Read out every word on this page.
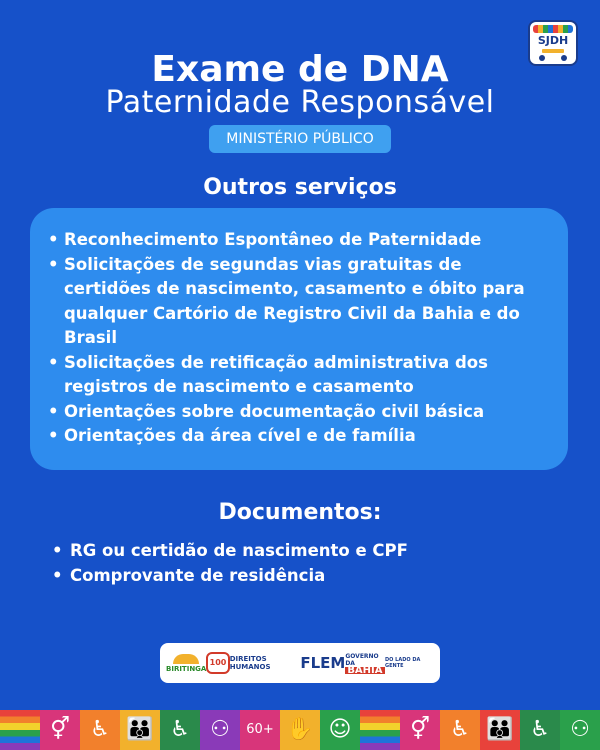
SJDH
Exame de DNA
Paternidade Responsável
MINISTÉRIO PÚBLICO
Outros serviços
• Reconhecimento Espontâneo de Paternidade
• Solicitações de segundas vias gratuitas de certidões de nascimento, casamento e óbito para qualquer Cartório de Registro Civil da Bahia e do Brasil
• Solicitações de retificação administrativa dos registros de nascimento e casamento
• Orientações sobre documentação civil básica
• Orientações da área cível e de família
Documentos:
• RG ou certidão de nascimento e CPF
• Comprovante de residência
BIRITINGA
100 DIREITOS HUMANOS	FLEM GOVERNO DA
BAHIA
DO LADO DA GENTE
⚥ ♿ 👪 ♿ ⚇	60+ ✋ ☺	⚥ ♿ 👪 ♿ ⚇
